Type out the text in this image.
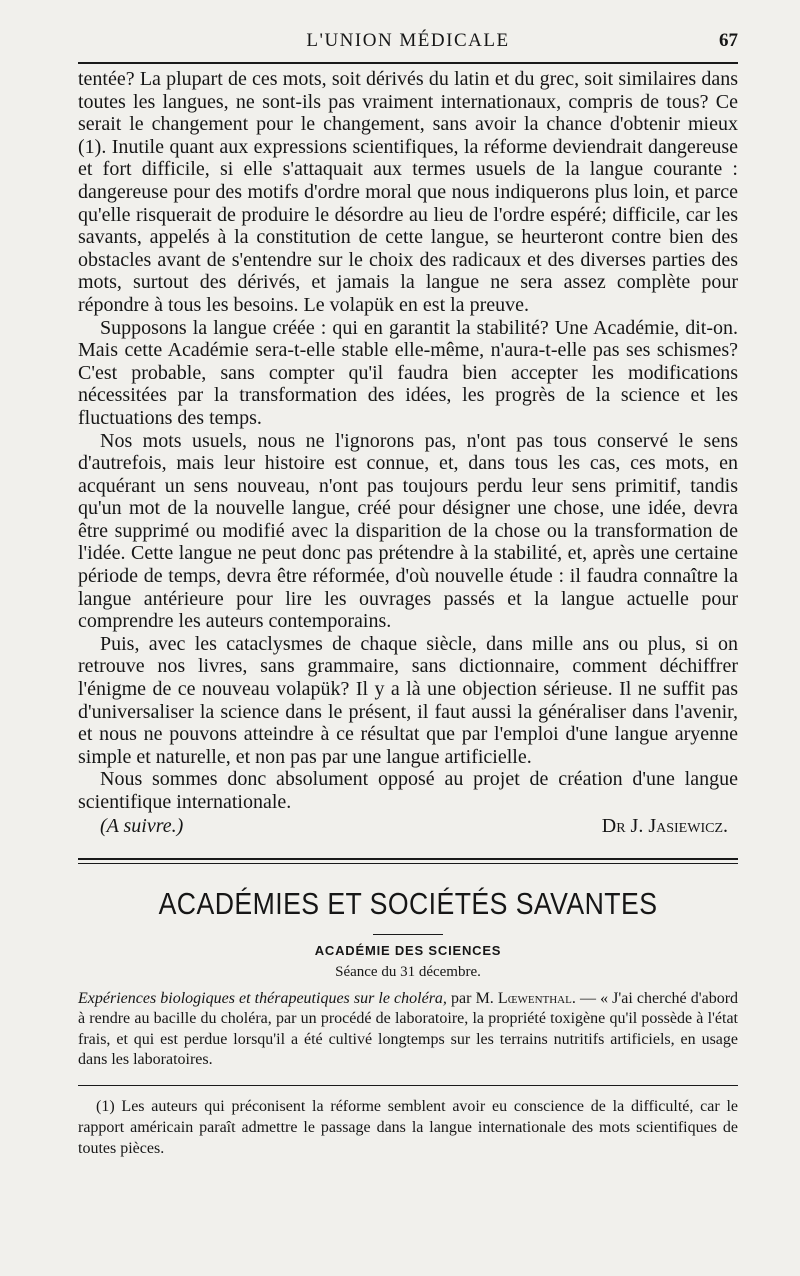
L'UNION MÉDICALE	67

tentée? La plupart de ces mots, soit dérivés du latin et du grec, soit similaires dans toutes les langues, ne sont-ils pas vraiment internationaux, compris de tous? Ce serait le changement pour le changement, sans avoir la chance d'obtenir mieux (1). Inutile quant aux expressions scientifiques, la réforme deviendrait dangereuse et fort difficile, si elle s'attaquait aux termes usuels de la langue courante : dangereuse pour des motifs d'ordre moral que nous indiquerons plus loin, et parce qu'elle risquerait de produire le désordre au lieu de l'ordre espéré; difficile, car les savants, appelés à la constitution de cette langue, se heurteront contre bien des obstacles avant de s'entendre sur le choix des radicaux et des diverses parties des mots, surtout des dérivés, et jamais la langue ne sera assez complète pour répondre à tous les besoins. Le volapük en est la preuve.

Supposons la langue créée : qui en garantit la stabilité? Une Académie, dit-on. Mais cette Académie sera-t-elle stable elle-même, n'aura-t-elle pas ses schismes? C'est probable, sans compter qu'il faudra bien accepter les modifications nécessitées par la transformation des idées, les progrès de la science et les fluctuations des temps.

Nos mots usuels, nous ne l'ignorons pas, n'ont pas tous conservé le sens d'autrefois, mais leur histoire est connue, et, dans tous les cas, ces mots, en acquérant un sens nouveau, n'ont pas toujours perdu leur sens primitif, tandis qu'un mot de la nouvelle langue, créé pour désigner une chose, une idée, devra être supprimé ou modifié avec la disparition de la chose ou la transformation de l'idée. Cette langue ne peut donc pas prétendre à la stabilité, et, après une certaine période de temps, devra être réformée, d'où nouvelle étude : il faudra connaître la langue antérieure pour lire les ouvrages passés et la langue actuelle pour comprendre les auteurs contemporains.

Puis, avec les cataclysmes de chaque siècle, dans mille ans ou plus, si on retrouve nos livres, sans grammaire, sans dictionnaire, comment déchiffrer l'énigme de ce nouveau volapük? Il y a là une objection sérieuse. Il ne suffit pas d'universaliser la science dans le présent, il faut aussi la généraliser dans l'avenir, et nous ne pouvons atteindre à ce résultat que par l'emploi d'une langue aryenne simple et naturelle, et non pas par une langue artificielle.

Nous sommes donc absolument opposé au projet de création d'une langue scientifique internationale.

(A suivre.)	Dr J. Jasiewicz.
ACADÉMIES ET SOCIÉTÉS SAVANTES
ACADÉMIE DES SCIENCES
Séance du 31 décembre.

Expériences biologiques et thérapeutiques sur le choléra, par M. Lœwenthal. — « J'ai cherché d'abord à rendre au bacille du choléra, par un procédé de laboratoire, la propriété toxigène qu'il possède à l'état frais, et qui est perdue lorsqu'il a été cultivé longtemps sur les terrains nutritifs artificiels, en usage dans les laboratoires.

(1) Les auteurs qui préconisent la réforme semblent avoir eu conscience de la difficulté, car le rapport américain paraît admettre le passage dans la langue internationale des mots scientifiques de toutes pièces.
